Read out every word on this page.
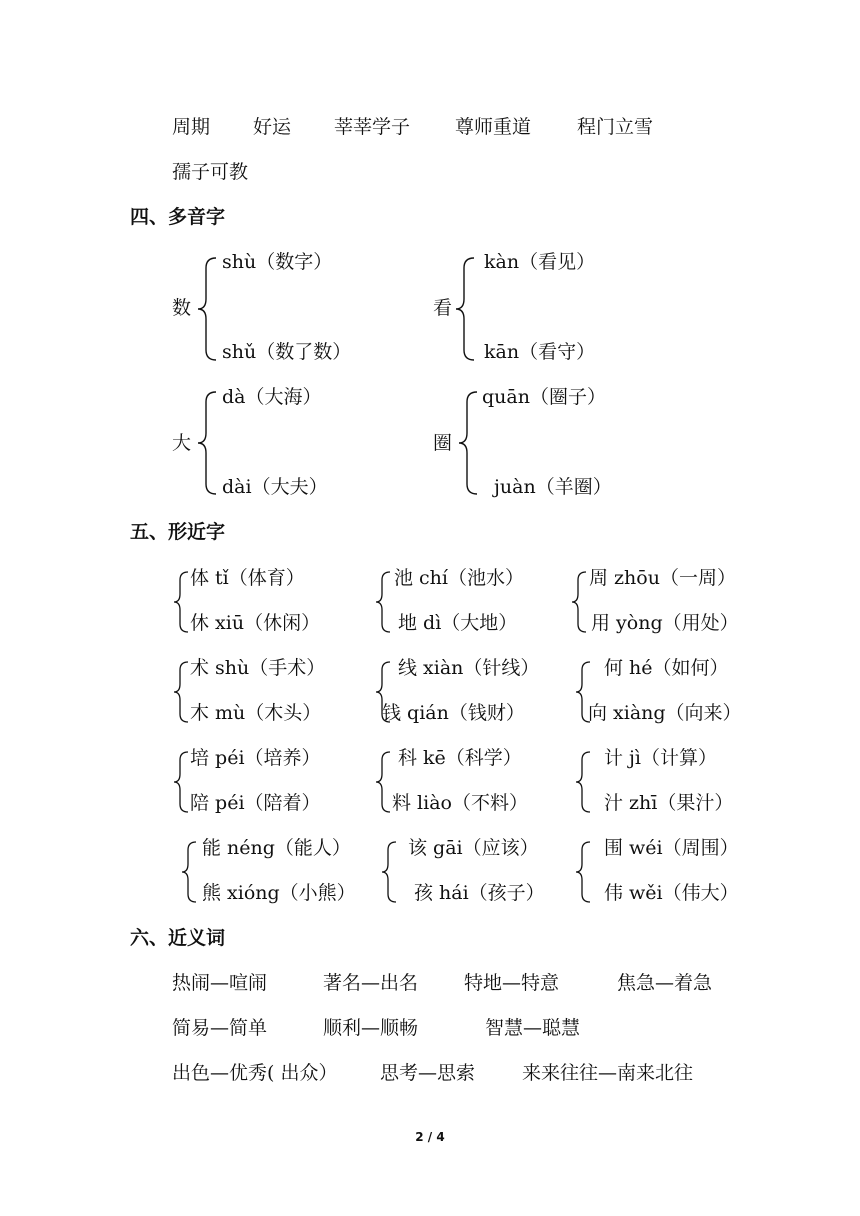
周期 好运 莘莘学子 尊师重道 程门立雪
孺子可教
四、多音字
数
shù（数字）
shǔ（数了数）
看
kàn（看见）
kān（看守）
大
dà（大海）
dài（大夫）
圈
quān（圈子）
juàn（羊圈）
五、形近字
体 tǐ（体育）
休 xiū（休闲）
池 chí（池水）
地 dì（大地）
周 zhōu（一周）
用 yòng（用处）
术 shù（手术）
木 mù（木头）
线 xiàn（针线）
钱 qián（钱财）
何 hé（如何）
向 xiàng（向来）
培 péi（培养）
陪 péi（陪着）
科 kē（科学）
料 liào（不料）
计 jì（计算）
汁 zhī（果汁）
能 néng（能人）
熊 xióng（小熊）
该 gāi（应该）
孩 hái（孩子）
围 wéi（周围）
伟 wěi（伟大）
六、近义词
热闹—喧闹	著名—出名 特地—特意	焦急—着急
简易—简单	顺利—顺畅	智慧—聪慧
出色—优秀( 出众） 思考—思索 来来往往—南来北往
2 / 4
